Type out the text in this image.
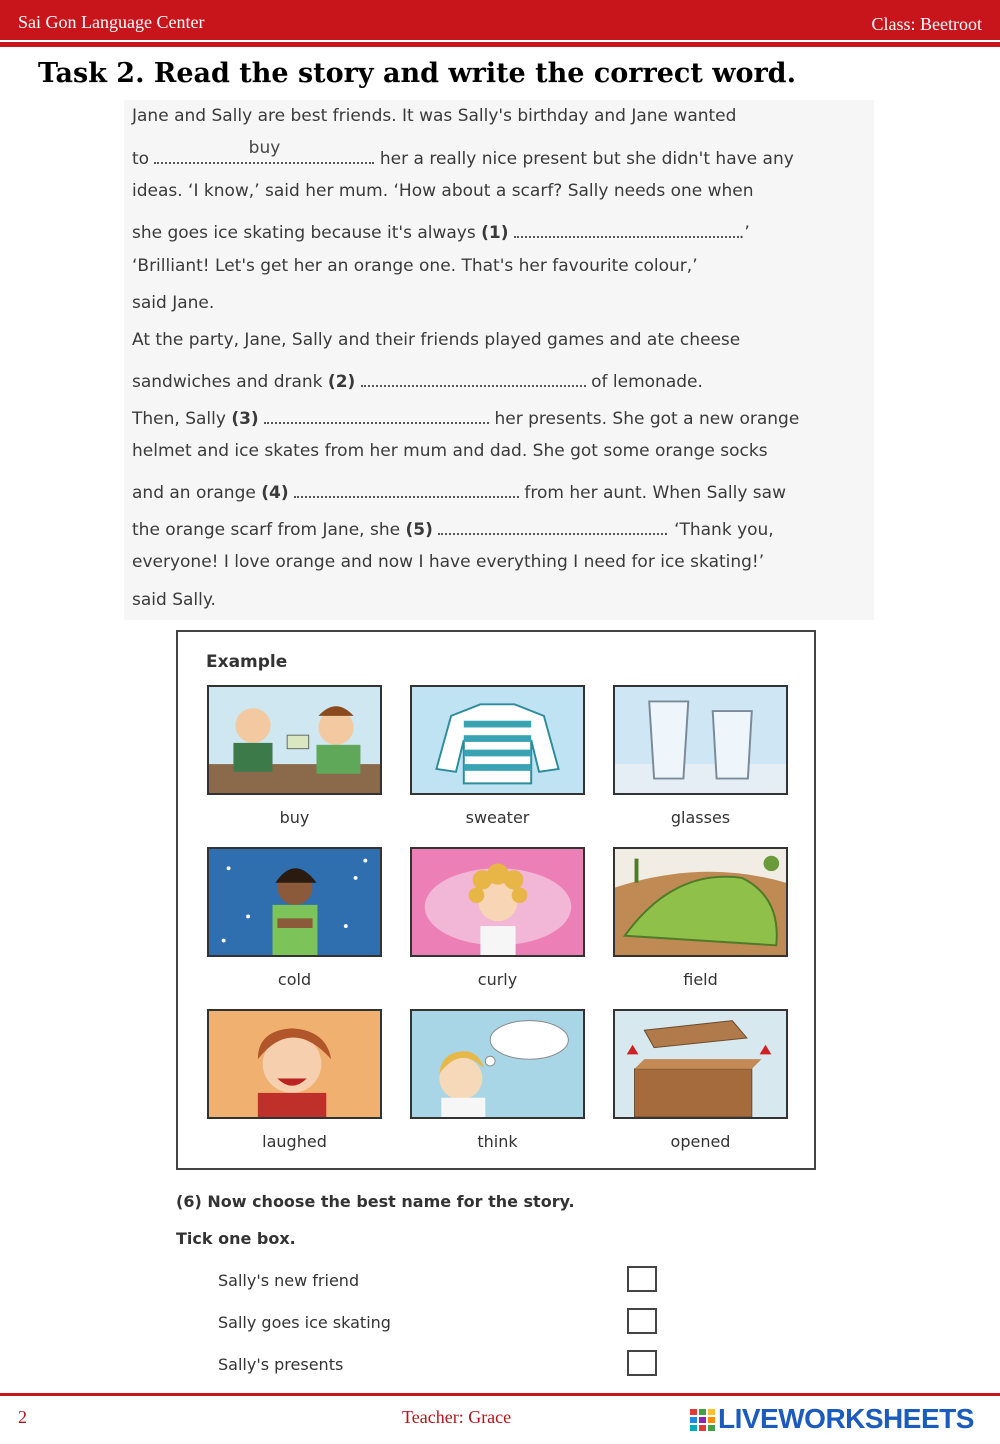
Sai Gon Language Center	Class: Beetroot
Task 2. Read the story and write the correct word.
Jane and Sally are best friends. It was Sally's birthday and Jane wanted
to
buy
her a really nice present but she didn't have any
ideas. ‘I know,’ said her mum. ‘How about a scarf? Sally needs one when
she goes ice skating because it's always (1)	.’
‘Brilliant! Let's get her an orange one. That's her favourite colour,’
said Jane.
At the party, Jane, Sally and their friends played games and ate cheese
sandwiches and drank (2)	of lemonade.
Then, Sally (3)	her presents. She got a new orange
helmet and ice skates from her mum and dad. She got some orange socks
and an orange (4)	from her aunt. When Sally saw
the orange scarf from Jane, she (5)	. ‘Thank you,
everyone! I love orange and now I have everything I need for ice skating!’
said Sally.
Example
buy	sweater	glasses
cold	curly	field
laughed	think	opened
(6) Now choose the best name for the story.
Tick one box.
Sally's new friend
Sally goes ice skating
Sally's presents
2	Teacher: Grace	LIVEWORKSHEETS
